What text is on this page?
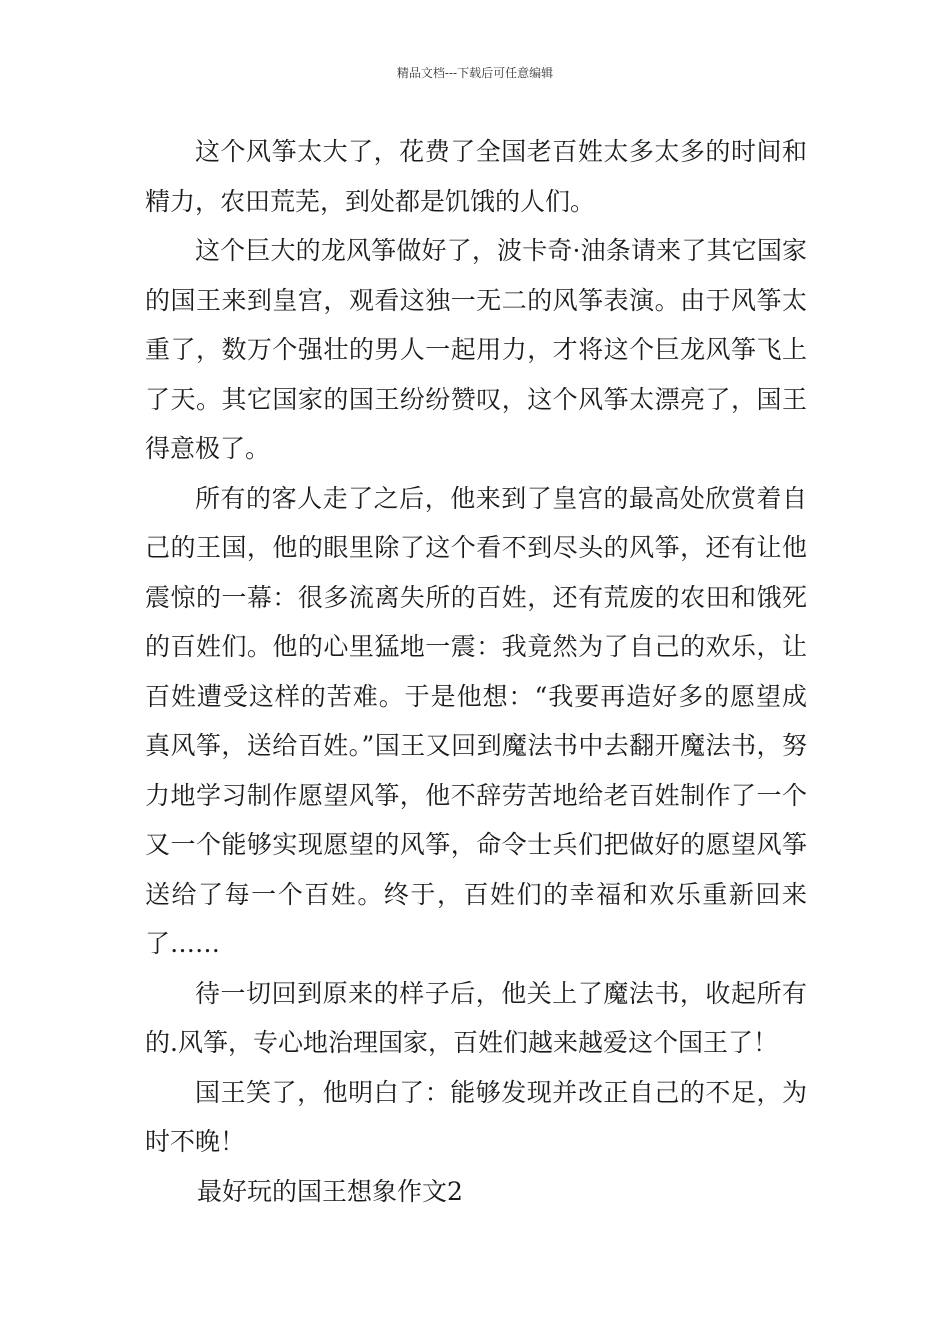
精品文档---下载后可任意编辑

这个风筝太大了，花费了全国老百姓太多太多的时间和精力，农田荒芜，到处都是饥饿的人们。

这个巨大的龙风筝做好了，波卡奇·油条请来了其它国家的国王来到皇宫，观看这独一无二的风筝表演。由于风筝太重了，数万个强壮的男人一起用力，才将这个巨龙风筝飞上了天。其它国家的国王纷纷赞叹，这个风筝太漂亮了，国王得意极了。

所有的客人走了之后，他来到了皇宫的最高处欣赏着自己的王国，他的眼里除了这个看不到尽头的风筝，还有让他震惊的一幕：很多流离失所的百姓，还有荒废的农田和饿死的百姓们。他的心里猛地一震：我竟然为了自己的欢乐，让百姓遭受这样的苦难。于是他想：“我要再造好多的愿望成真风筝，送给百姓。”国王又回到魔法书中去翻开魔法书，努力地学习制作愿望风筝，他不辞劳苦地给老百姓制作了一个又一个能够实现愿望的风筝，命令士兵们把做好的愿望风筝送给了每一个百姓。终于，百姓们的幸福和欢乐重新回来了……

待一切回到原来的样子后，他关上了魔法书，收起所有的.风筝，专心地治理国家，百姓们越来越爱这个国王了！

国王笑了，他明白了：能够发现并改正自己的不足，为时不晚！

最好玩的国王想象作文2
